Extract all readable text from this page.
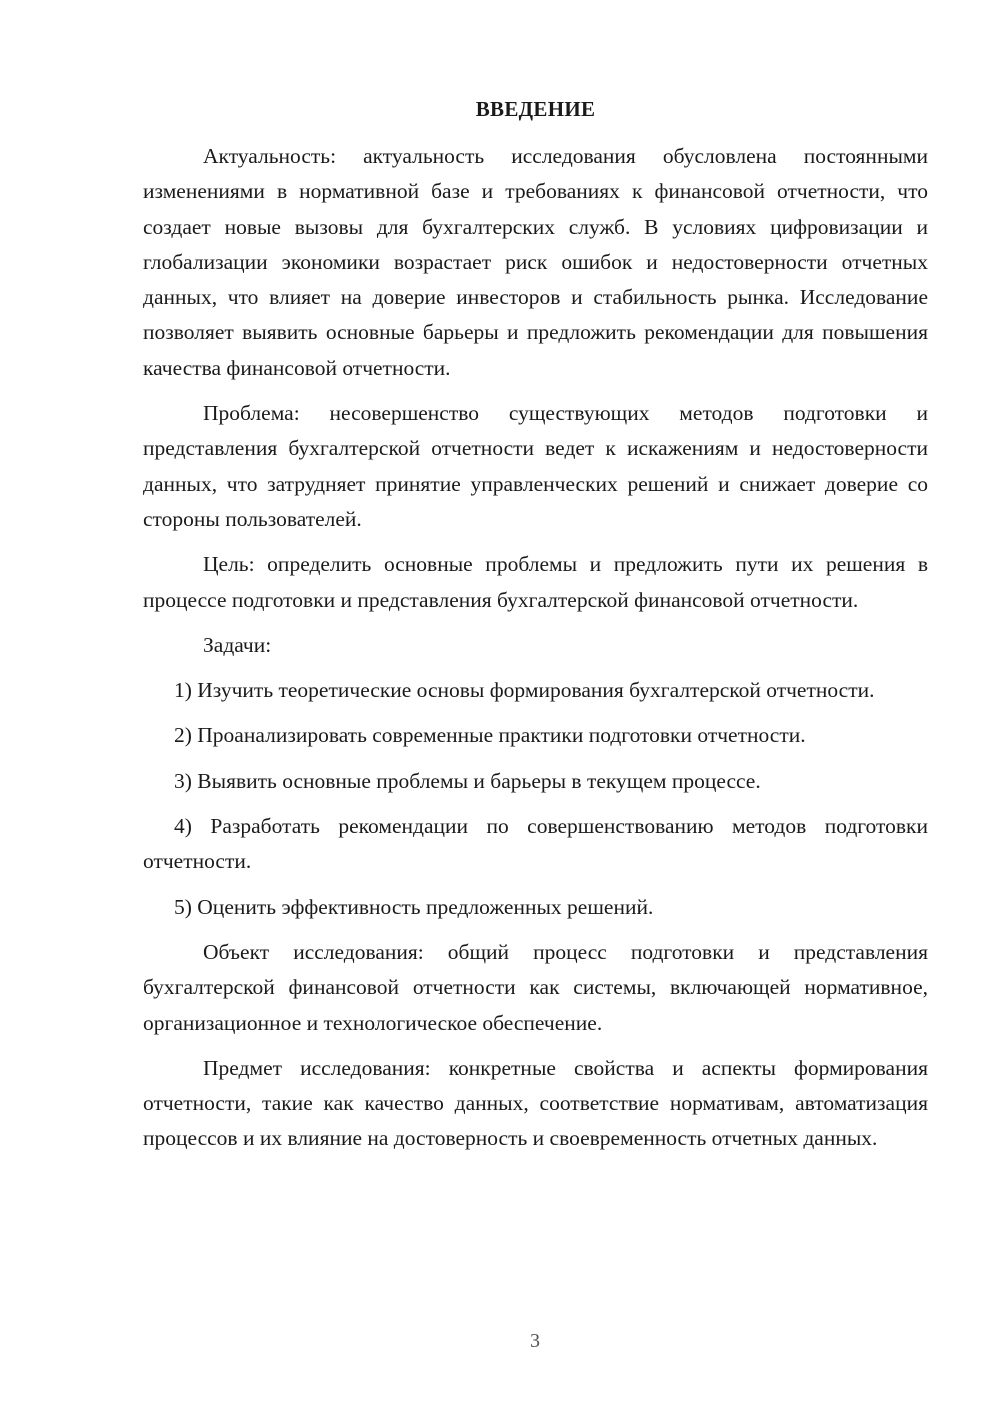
ВВЕДЕНИЕ

Актуальность: актуальность исследования обусловлена постоянными изменениями в нормативной базе и требованиях к финансовой отчетности, что создает новые вызовы для бухгалтерских служб. В условиях цифровизации и глобализации экономики возрастает риск ошибок и недостоверности отчетных данных, что влияет на доверие инвесторов и стабильность рынка. Исследование позволяет выявить основные барьеры и предложить рекомендации для повышения качества финансовой отчетности.

Проблема: несовершенство существующих методов подготовки и представления бухгалтерской отчетности ведет к искажениям и недостоверности данных, что затрудняет принятие управленческих решений и снижает доверие со стороны пользователей.

Цель: определить основные проблемы и предложить пути их решения в процессе подготовки и представления бухгалтерской финансовой отчетности.

Задачи:

1) Изучить теоретические основы формирования бухгалтерской отчетности.

2) Проанализировать современные практики подготовки отчетности.

3) Выявить основные проблемы и барьеры в текущем процессе.

4) Разработать рекомендации по совершенствованию методов подготовки отчетности.

5) Оценить эффективность предложенных решений.

Объект исследования: общий процесс подготовки и представления бухгалтерской финансовой отчетности как системы, включающей нормативное, организационное и технологическое обеспечение.

Предмет исследования: конкретные свойства и аспекты формирования отчетности, такие как качество данных, соответствие нормативам, автоматизация процессов и их влияние на достоверность и своевременность отчетных данных.

3
